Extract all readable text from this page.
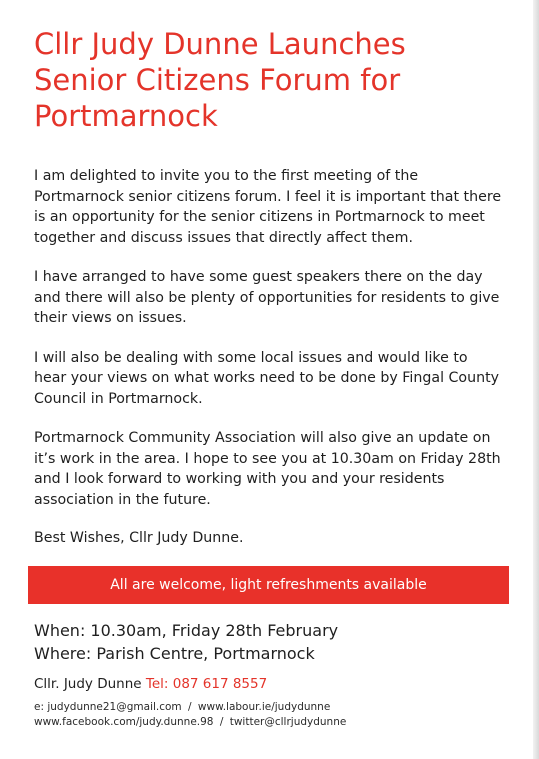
Cllr Judy Dunne Launches Senior Citizens Forum for Portmarnock

I am delighted to invite you to the first meeting of the Portmarnock senior citizens forum. I feel it is important that there is an opportunity for the senior citizens in Portmarnock to meet together and discuss issues that directly affect them.

I have arranged to have some guest speakers there on the day and there will also be plenty of opportunities for residents to give their views on issues.

I will also be dealing with some local issues and would like to hear your views on what works need to be done by Fingal County Council in Portmarnock.

Portmarnock Community Association will also give an update on it’s work in the area. I hope to see you at 10.30am on Friday 28th and I look forward to working with you and your residents association in the future.

Best Wishes, Cllr Judy Dunne.
All are welcome, light refreshments available
When: 10.30am, Friday 28th February
Where: Parish Centre, Portmarnock
Cllr. Judy Dunne Tel: 087 617 8557
e: judydunne21@gmail.com / www.labour.ie/judydunne
www.facebook.com/judy.dunne.98 / twitter@cllrjudydunne
